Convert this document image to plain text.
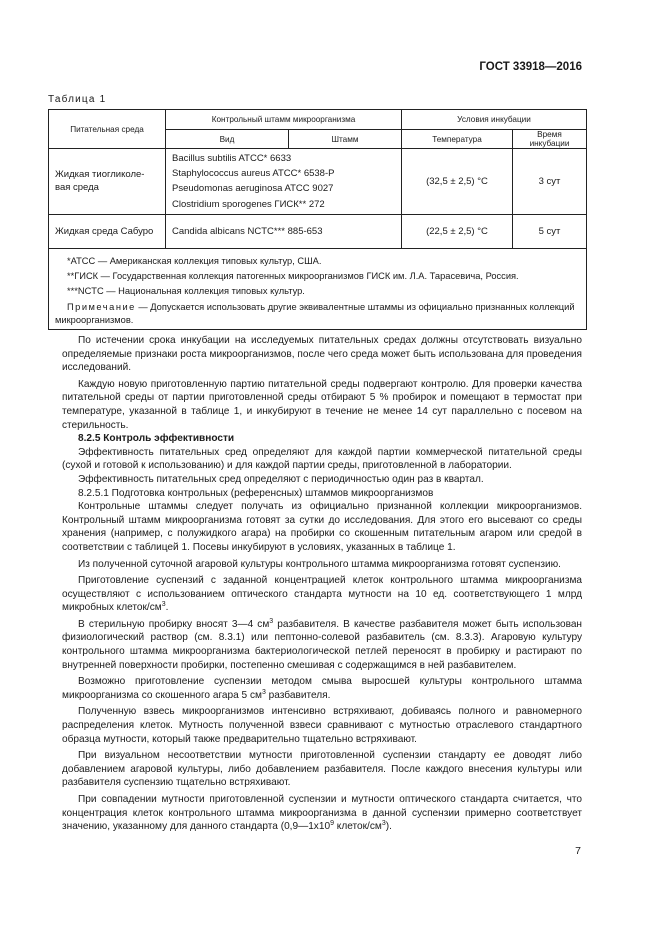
ГОСТ 33918—2016
Таблица 1
Питательная среда	Контрольный штамм микроорганизма		Условия инкубации	
	Вид	Штамм	Температура	Время инкубации
Жидкая тиогликоле-вая среда	Bacillus subtilis ATCC* 6633
Staphylococcus aureus ATCC* 6538-P
Pseudomonas aeruginosa ATCC 9027
Clostridium sporogenes ГИСК** 272		(32,5 ± 2,5) °C	3 сут
Жидкая среда Сабуро	Candida albicans NCTC*** 885-653		(22,5 ± 2,5) °C	5 сут

*ATCC — Американская коллекция типовых культур, США.
**ГИСК — Государственная коллекция патогенных микроорганизмов ГИСК им. Л.А. Тарасевича, Россия.
***NCTC — Национальная коллекция типовых культур.
Примечание — Допускается использовать другие эквивалентные штаммы из официально признанных коллекций микроорганизмов.				

По истечении срока инкубации на исследуемых питательных средах должны отсутствовать визуально определяемые признаки роста микроорганизмов, после чего среда может быть использована для проведения исследований.

Каждую новую приготовленную партию питательной среды подвергают контролю. Для проверки качества питательной среды от партии приготовленной среды отбирают 5 % пробирок и помещают в термостат при температуре, указанной в таблице 1, и инкубируют в течение не менее 14 сут параллельно с посевом на стерильность.

8.2.5 Контроль эффективности

Эффективность питательных сред определяют для каждой партии коммерческой питательной среды (сухой и готовой к использованию) и для каждой партии среды, приготовленной в лаборатории.

Эффективность питательных сред определяют с периодичностью один раз в квартал.

8.2.5.1 Подготовка контрольных (референсных) штаммов микроорганизмов

Контрольные штаммы следует получать из официально признанной коллекции микроорганизмов. Контрольный штамм микроорганизма готовят за сутки до исследования. Для этого его высевают со среды хранения (например, с полужидкого агара) на пробирки со скошенным питательным агаром или средой в соответствии с таблицей 1. Посевы инкубируют в условиях, указанных в таблице 1.

Из полученной суточной агаровой культуры контрольного штамма микроорганизма готовят суспензию.

Приготовление суспензий с заданной концентрацией клеток контрольного штамма микроорганизма осуществляют с использованием оптического стандарта мутности на 10 ед. соответствующего 1 млрд микробных клеток/$см^3$.

В стерильную пробирку вносят 3—4 $см^3$ разбавителя. В качестве разбавителя может быть использован физиологический раствор (см. 8.3.1) или пептонно-солевой разбавитель (см. 8.3.3). Агаровую культуру контрольного штамма микроорганизма бактериологической петлей переносят в пробирку и растирают по внутренней поверхности пробирки, постепенно смешивая с содержащимся в ней разбавителем.

Возможно приготовление суспензии методом смыва выросшей культуры контрольного штамма микроорганизма со скошенного агара 5 $см^3$ разбавителя.

Полученную взвесь микроорганизмов интенсивно встряхивают, добиваясь полного и равномерного распределения клеток. Мутность полученной взвеси сравнивают с мутностью отраслевого стандартного образца мутности, который также предварительно тщательно встряхивают.

При визуальном несоответствии мутности приготовленной суспензии стандарту ее доводят либо добавлением агаровой культуры, либо добавлением разбавителя. После каждого внесения культуры или разбавителя суспензию тщательно встряхивают.

При совпадении мутности приготовленной суспензии и мутности оптического стандарта считается, что концентрация клеток контрольного штамма микроорганизма в данной суспензии примерно соответствует значению, указанному для данного стандарта ($0,9—1x10^9$ клеток/$см^3$).

7
